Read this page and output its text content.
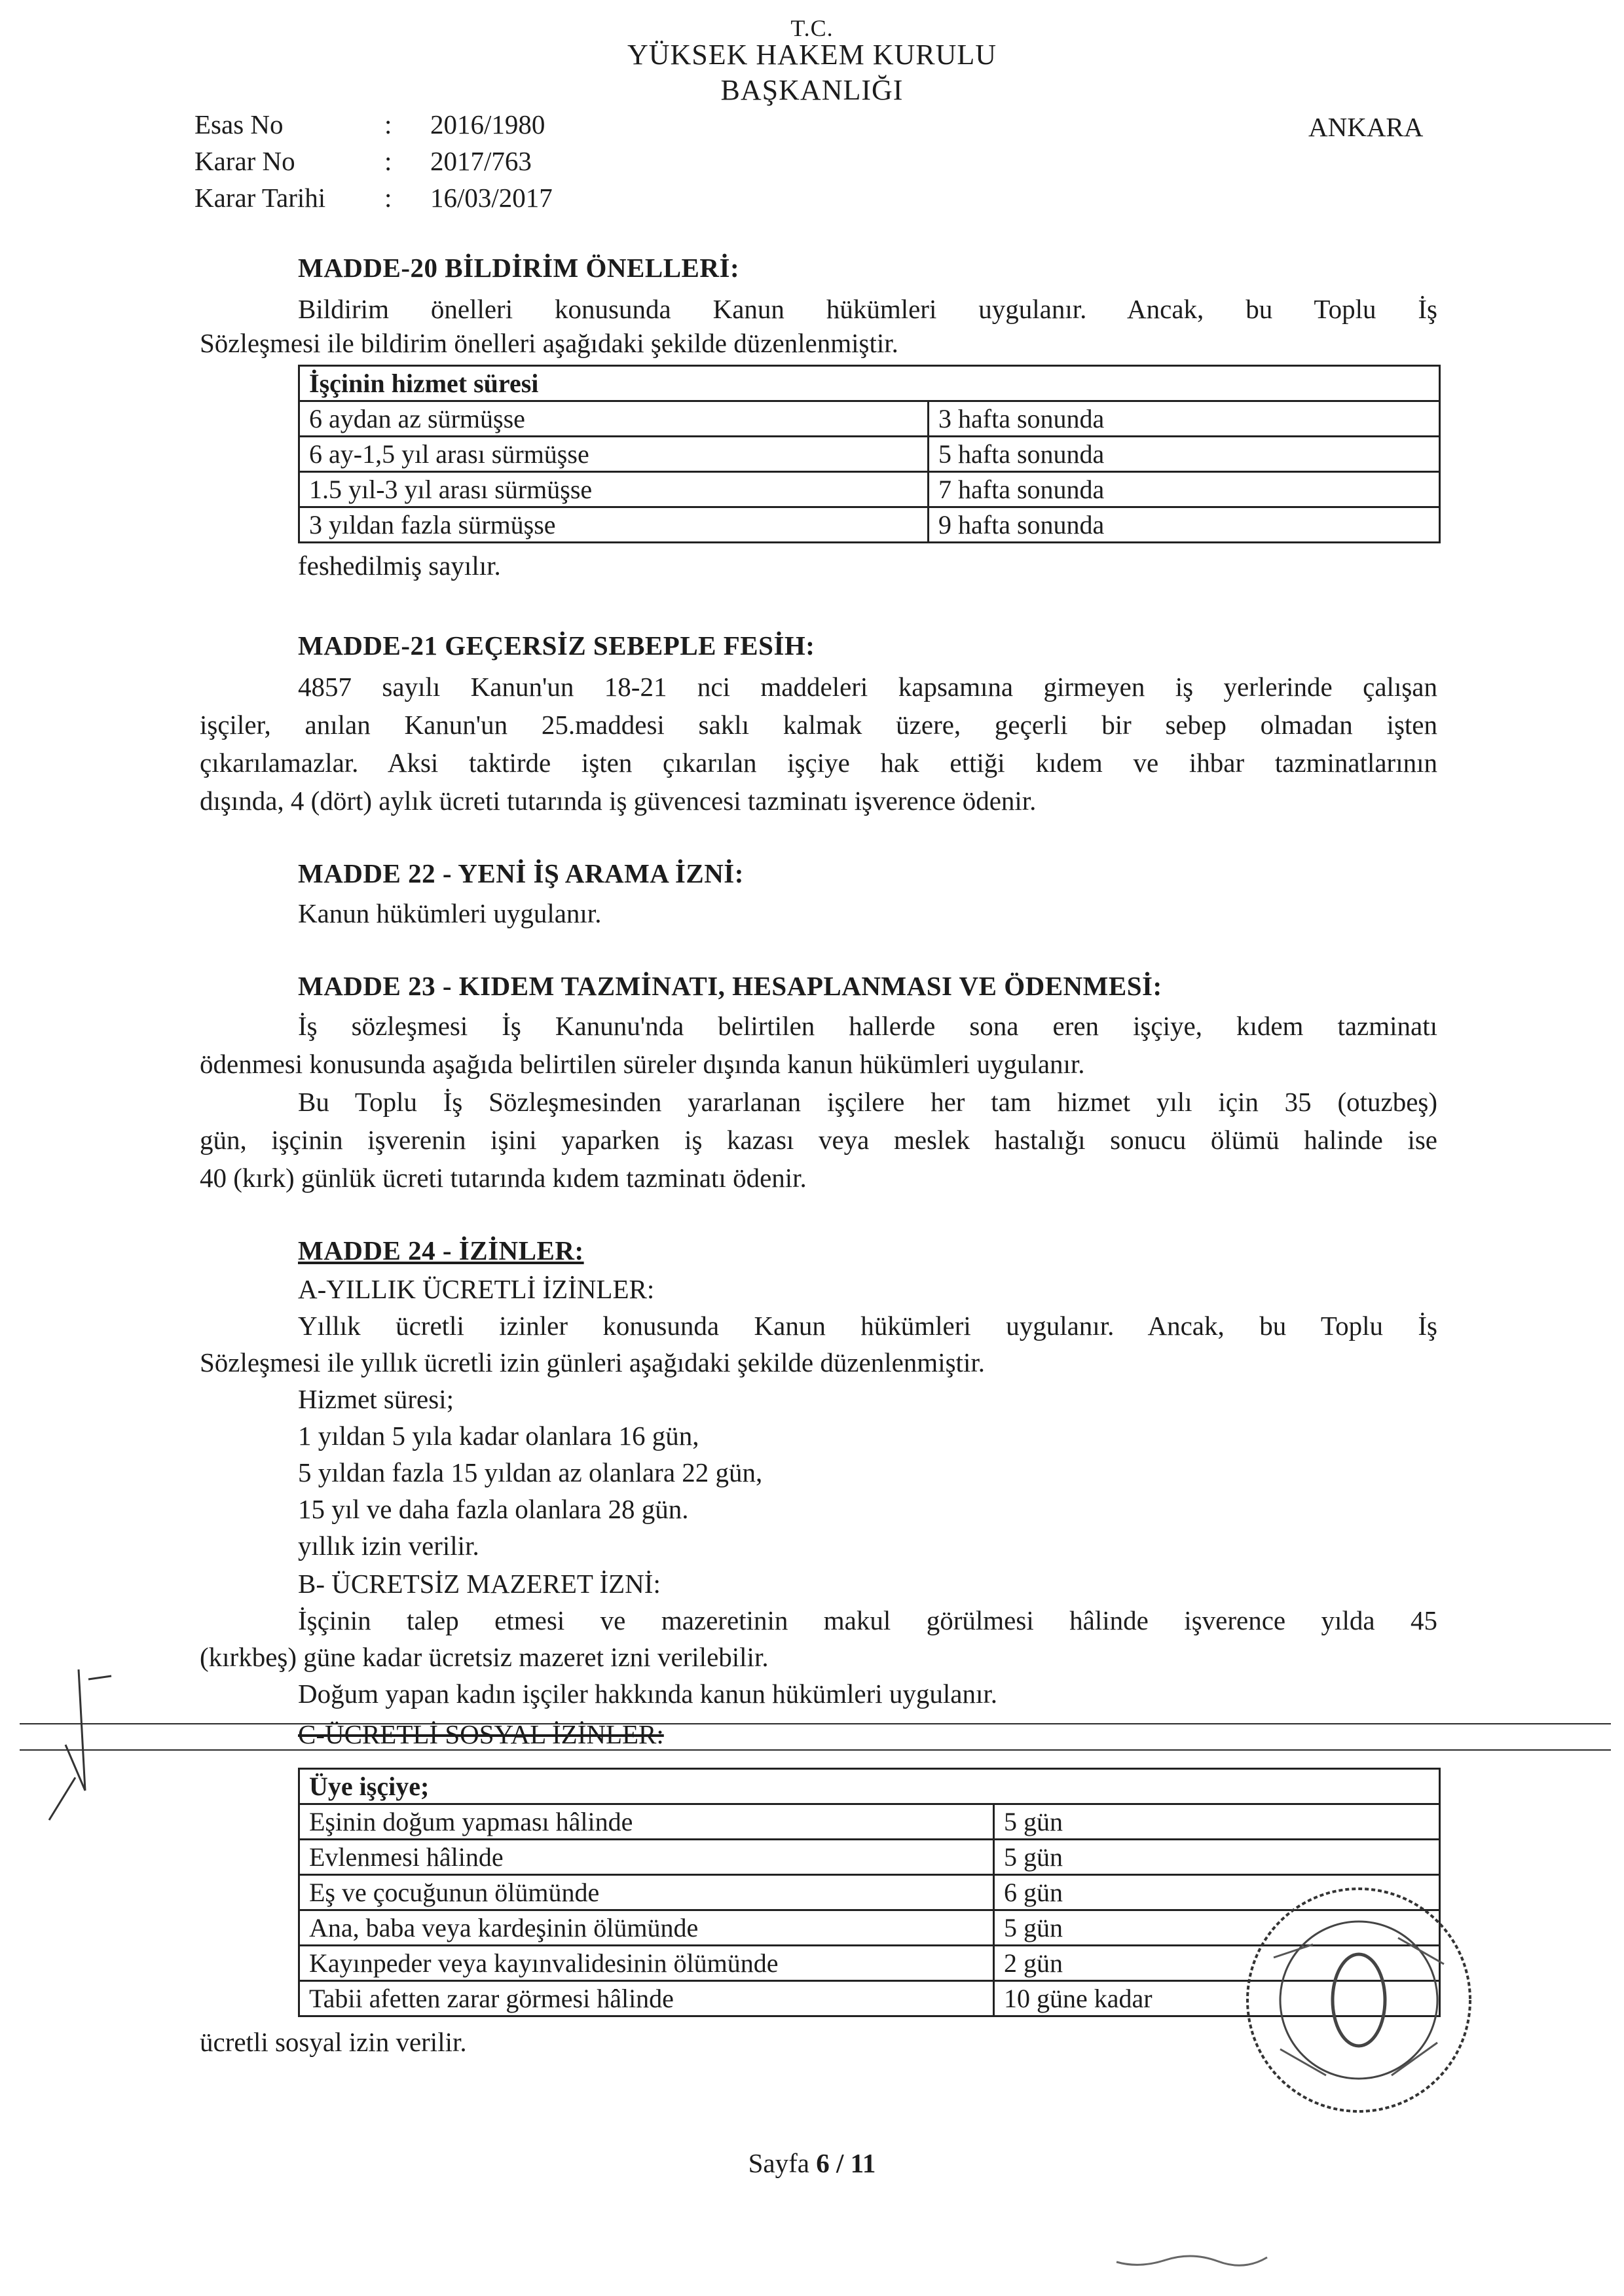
T.C.
YÜKSEK HAKEM KURULU
BAŞKANLIĞI
ANKARA
Esas No	: 2016/1980
Karar No	: 2017/763
Karar Tarihi : 16/03/2017
MADDE-20 BİLDİRİM ÖNELLERİ:
Bildirim önelleri konusunda Kanun hükümleri uygulanır. Ancak, bu Toplu İş
Sözleşmesi ile bildirim önelleri aşağıdaki şekilde düzenlenmiştir.
İşçinin hizmet süresi	
6 aydan az sürmüşse	3 hafta sonunda
6 ay-1,5 yıl arası sürmüşse	5 hafta sonunda
1.5 yıl-3 yıl arası sürmüşse	7 hafta sonunda
3 yıldan fazla sürmüşse	9 hafta sonunda
feshedilmiş sayılır.
MADDE-21 GEÇERSİZ SEBEPLE FESİH:
4857 sayılı Kanun'un 18-21 nci maddeleri kapsamına girmeyen iş yerlerinde çalışan
işçiler, anılan Kanun'un 25.maddesi saklı kalmak üzere, geçerli bir sebep olmadan işten
çıkarılamazlar. Aksi taktirde işten çıkarılan işçiye hak ettiği kıdem ve ihbar tazminatlarının
dışında, 4 (dört) aylık ücreti tutarında iş güvencesi tazminatı işverence ödenir.
MADDE 22 - YENİ İŞ ARAMA İZNİ:
Kanun hükümleri uygulanır.
MADDE 23 - KIDEM TAZMİNATI, HESAPLANMASI VE ÖDENMESİ:
İş sözleşmesi İş Kanunu'nda belirtilen hallerde sona eren işçiye, kıdem tazminatı
ödenmesi konusunda aşağıda belirtilen süreler dışında kanun hükümleri uygulanır.
Bu Toplu İş Sözleşmesinden yararlanan işçilere her tam hizmet yılı için 35 (otuzbeş)
gün, işçinin işverenin işini yaparken iş kazası veya meslek hastalığı sonucu ölümü halinde ise
40 (kırk) günlük ücreti tutarında kıdem tazminatı ödenir.
MADDE 24 - İZİNLER:
A-YILLIK ÜCRETLİ İZİNLER:
Yıllık ücretli izinler konusunda Kanun hükümleri uygulanır. Ancak, bu Toplu İş
Sözleşmesi ile yıllık ücretli izin günleri aşağıdaki şekilde düzenlenmiştir.
Hizmet süresi;
1 yıldan 5 yıla kadar olanlara 16 gün,
5 yıldan fazla 15 yıldan az olanlara 22 gün,
15 yıl ve daha fazla olanlara 28 gün.
yıllık izin verilir.
B- ÜCRETSİZ MAZERET İZNİ:
İşçinin talep etmesi ve mazeretinin makul görülmesi hâlinde işverence yılda 45
(kırkbeş) güne kadar ücretsiz mazeret izni verilebilir.
Doğum yapan kadın işçiler hakkında kanun hükümleri uygulanır.
C-ÜCRETLİ SOSYAL İZİNLER:
Üye işçiye;	
Eşinin doğum yapması hâlinde	5 gün
Evlenmesi hâlinde	5 gün
Eş ve çocuğunun ölümünde	6 gün
Ana, baba veya kardeşinin ölümünde	5 gün
Kayınpeder veya kayınvalidesinin ölümünde	2 gün
Tabii afetten zarar görmesi hâlinde	10 güne kadar
ücretli sosyal izin verilir.
Sayfa 6 / 11
